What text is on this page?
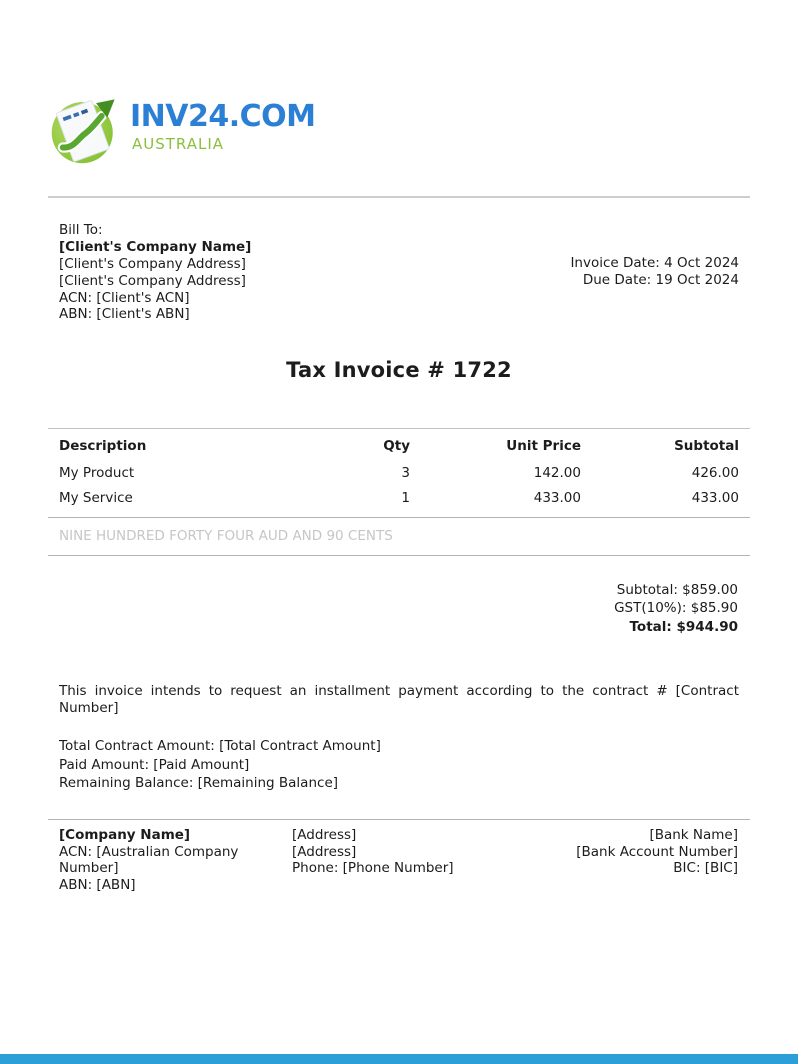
INV24.COM
AUSTRALIA
Bill To:
[Client's Company Name]
[Client's Company Address]
[Client's Company Address]
ACN: [Client's ACN]
ABN: [Client's ABN]
Invoice Date: 4 Oct 2024
Due Date: 19 Oct 2024
Tax Invoice # 1722
Description	Qty	Unit Price	Subtotal
My Product	3	142.00	426.00
My Service	1	433.00	433.00
NINE HUNDRED FORTY FOUR AUD AND 90 CENTS
Subtotal: $859.00
GST(10%): $85.90
Total: $944.90
This invoice intends to request an installment payment according to the contract # [Contract
Number]
Total Contract Amount: [Total Contract Amount]
Paid Amount: [Paid Amount]
Remaining Balance: [Remaining Balance]
[Company Name]
ACN: [Australian Company Number]
ABN: [ABN]
[Address]
[Address]
Phone: [Phone Number]
[Bank Name]
[Bank Account Number]
BIC: [BIC]
